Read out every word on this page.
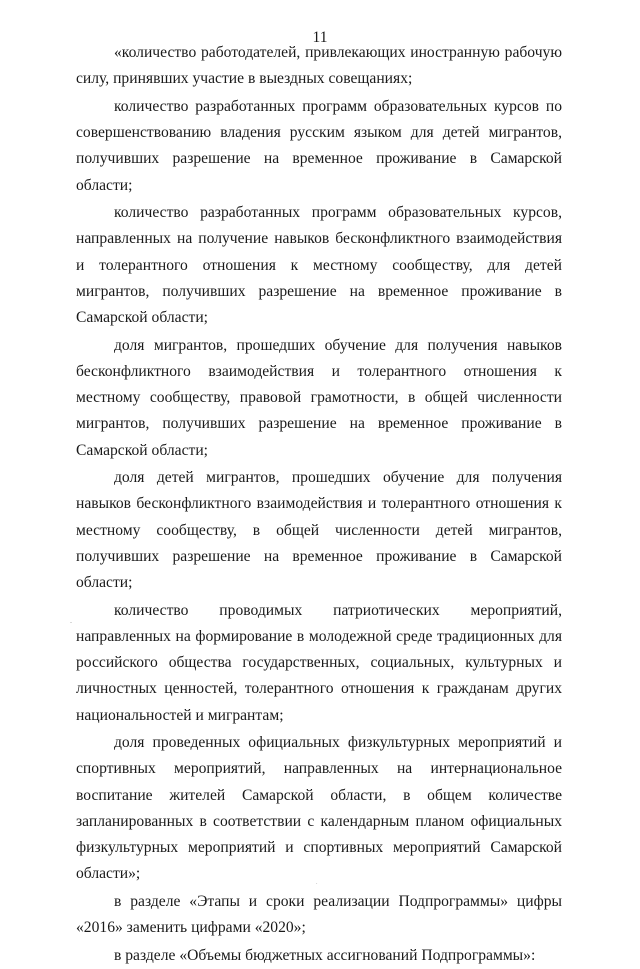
11

«количество работодателей, привлекающих иностранную рабочую силу, принявших участие в выездных совещаниях;

количество разработанных программ образовательных курсов по совершенствованию владения русским языком для детей мигрантов, получивших разрешение на временное проживание в Самарской области;

количество разработанных программ образовательных курсов, направленных на получение навыков бесконфликтного взаимодействия и толерантного отношения к местному сообществу, для детей мигрантов, получивших разрешение на временное проживание в Самарской области;

доля мигрантов, прошедших обучение для получения навыков бесконфликтного взаимодействия и толерантного отношения к местному сообществу, правовой грамотности, в общей численности мигрантов, получивших разрешение на временное проживание в Самарской области;

доля детей мигрантов, прошедших обучение для получения навыков бесконфликтного взаимодействия и толерантного отношения к местному сообществу, в общей численности детей мигрантов, получивших разрешение на временное проживание в Самарской области;

количество проводимых патриотических мероприятий, направленных на формирование в молодежной среде традиционных для российского общества государственных, социальных, культурных и личностных ценностей, толерантного отношения к гражданам других национальностей и мигрантам;

доля проведенных официальных физкультурных мероприятий и спортивных мероприятий, направленных на интернациональное воспитание жителей Самарской области, в общем количестве запланированных в соответствии с календарным планом официальных физкультурных мероприятий и спортивных мероприятий Самарской области»;

в разделе «Этапы и сроки реализации Подпрограммы» цифры «2016» заменить цифрами «2020»;

в разделе «Объемы бюджетных ассигнований Подпрограммы»:

-
.
